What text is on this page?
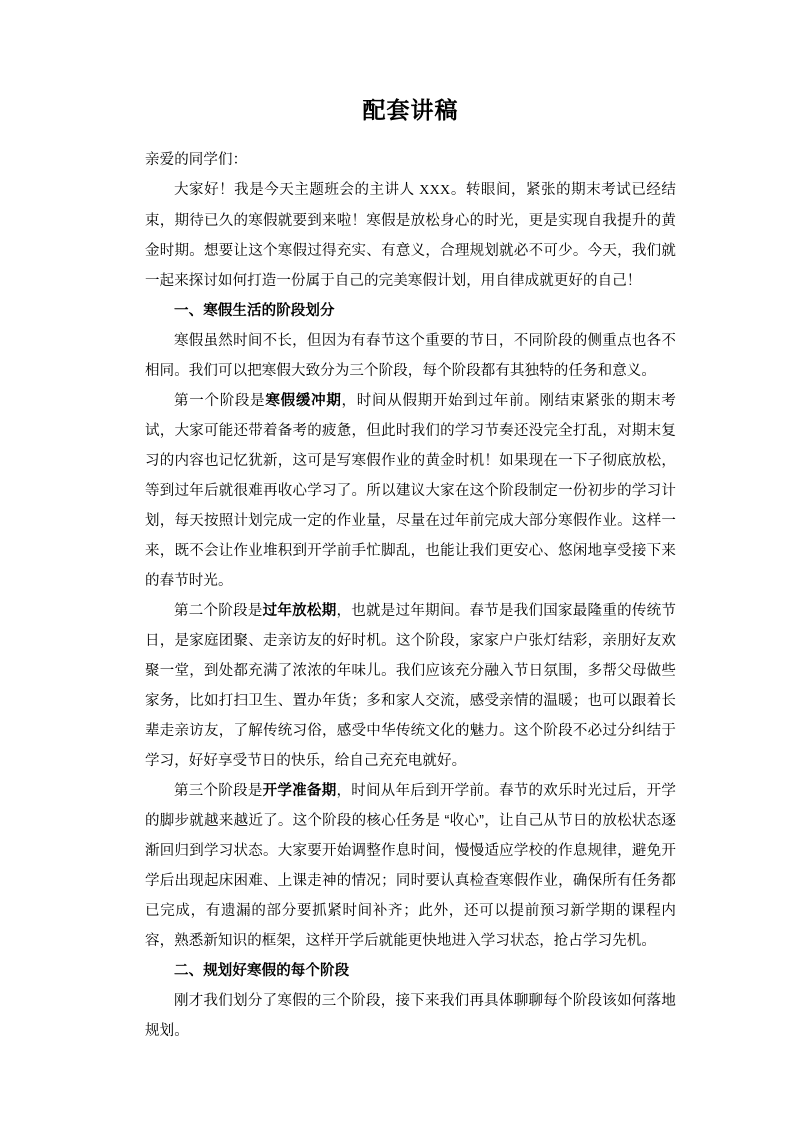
配套讲稿

亲爱的同学们：

大家好！我是今天主题班会的主讲人 XXX。转眼间，紧张的期末考试已经结束，期待已久的寒假就要到来啦！寒假是放松身心的时光，更是实现自我提升的黄金时期。想要让这个寒假过得充实、有意义，合理规划就必不可少。今天，我们就一起来探讨如何打造一份属于自己的完美寒假计划，用自律成就更好的自己！

一、寒假生活的阶段划分

寒假虽然时间不长，但因为有春节这个重要的节日，不同阶段的侧重点也各不相同。我们可以把寒假大致分为三个阶段，每个阶段都有其独特的任务和意义。

第一个阶段是寒假缓冲期，时间从假期开始到过年前。刚结束紧张的期末考试，大家可能还带着备考的疲惫，但此时我们的学习节奏还没完全打乱，对期末复习的内容也记忆犹新，这可是写寒假作业的黄金时机！如果现在一下子彻底放松，等到过年后就很难再收心学习了。所以建议大家在这个阶段制定一份初步的学习计划，每天按照计划完成一定的作业量，尽量在过年前完成大部分寒假作业。这样一来，既不会让作业堆积到开学前手忙脚乱，也能让我们更安心、悠闲地享受接下来的春节时光。

第二个阶段是过年放松期，也就是过年期间。春节是我们国家最隆重的传统节日，是家庭团聚、走亲访友的好时机。这个阶段，家家户户张灯结彩，亲朋好友欢聚一堂，到处都充满了浓浓的年味儿。我们应该充分融入节日氛围，多帮父母做些家务，比如打扫卫生、置办年货；多和家人交流，感受亲情的温暖；也可以跟着长辈走亲访友，了解传统习俗，感受中华传统文化的魅力。这个阶段不必过分纠结于学习，好好享受节日的快乐，给自己充充电就好。

第三个阶段是开学准备期，时间从年后到开学前。春节的欢乐时光过后，开学的脚步就越来越近了。这个阶段的核心任务是 “收心”，让自己从节日的放松状态逐渐回归到学习状态。大家要开始调整作息时间，慢慢适应学校的作息规律，避免开学后出现起床困难、上课走神的情况；同时要认真检查寒假作业，确保所有任务都已完成，有遗漏的部分要抓紧时间补齐；此外，还可以提前预习新学期的课程内容，熟悉新知识的框架，这样开学后就能更快地进入学习状态，抢占学习先机。

二、规划好寒假的每个阶段

刚才我们划分了寒假的三个阶段，接下来我们再具体聊聊每个阶段该如何落地规划。
